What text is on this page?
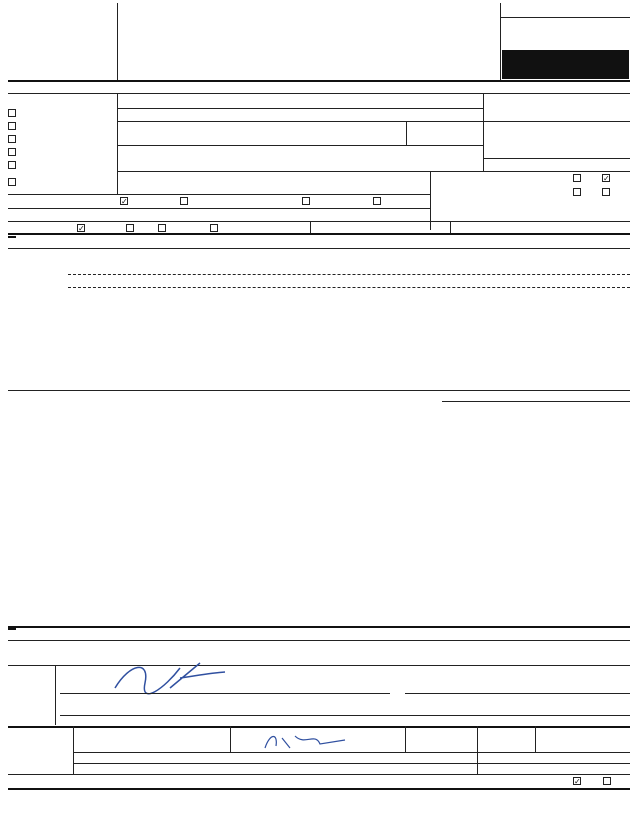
✓
✓
✓
✓
